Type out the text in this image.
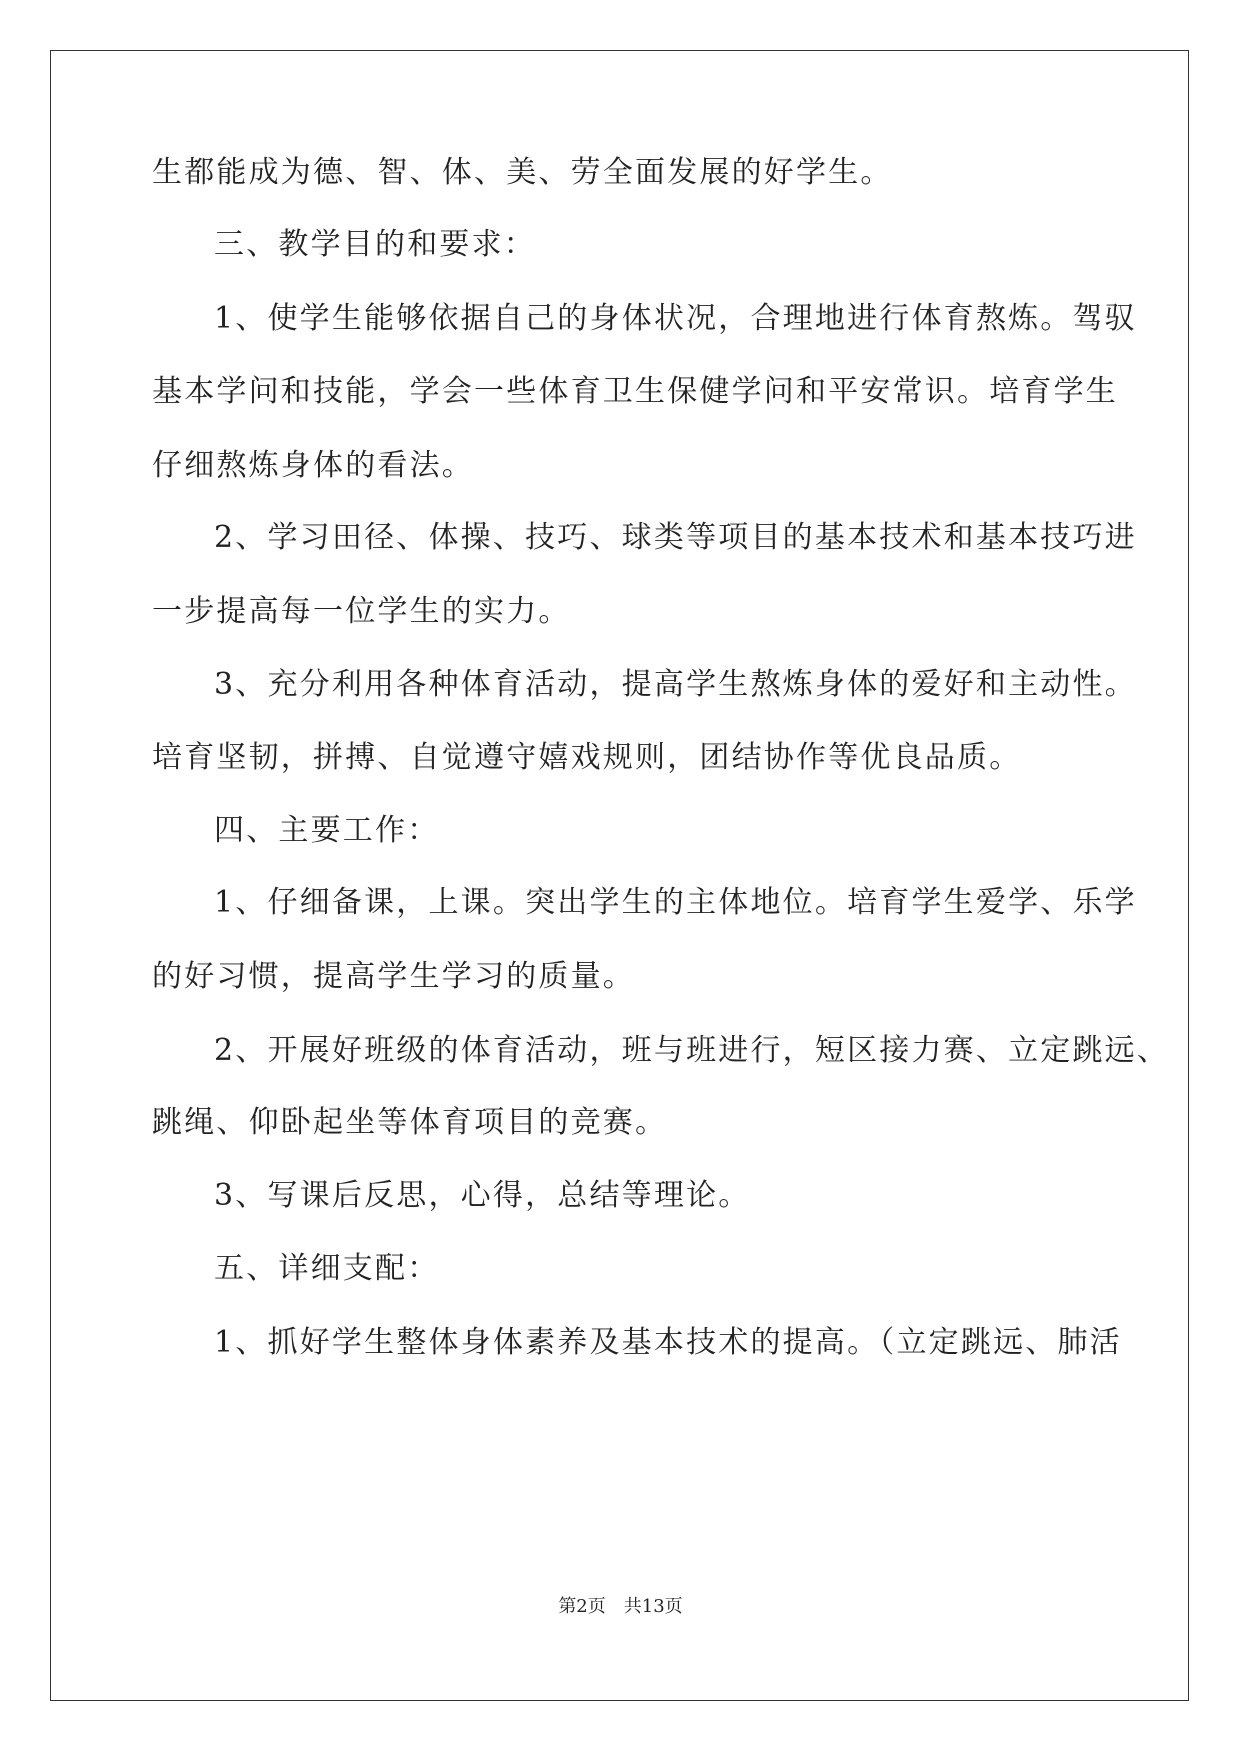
生都能成为德、智、体、美、劳全面发展的好学生。
三、教学目的和要求：
1、使学生能够依据自己的身体状况，合理地进行体育熬炼。驾驭
基本学问和技能，学会一些体育卫生保健学问和平安常识。培育学生
仔细熬炼身体的看法。
2、学习田径、体操、技巧、球类等项目的基本技术和基本技巧进
一步提高每一位学生的实力。
3、充分利用各种体育活动，提高学生熬炼身体的爱好和主动性。
培育坚韧，拼搏、自觉遵守嬉戏规则，团结协作等优良品质。
四、主要工作：
1、仔细备课，上课。突出学生的主体地位。培育学生爱学、乐学
的好习惯，提高学生学习的质量。
2、开展好班级的体育活动，班与班进行，短区接力赛、立定跳远、
跳绳、仰卧起坐等体育项目的竞赛。
3、写课后反思，心得，总结等理论。
五、详细支配：
1、抓好学生整体身体素养及基本技术的提高。（立定跳远、肺活
第2页 共13页
